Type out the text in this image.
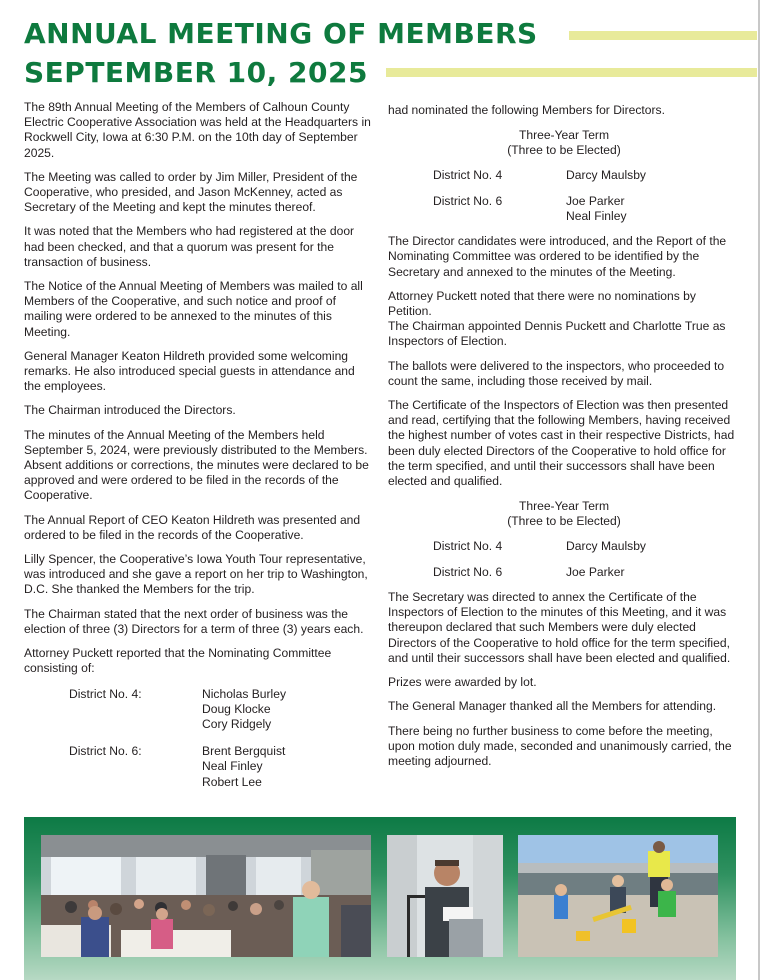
ANNUAL MEETING OF MEMBERS
SEPTEMBER 10, 2025

The 89th Annual Meeting of the Members of Calhoun County Electric Cooperative Association was held at the Headquarters in Rockwell City, Iowa at 6:30 P.M. on the 10th day of September 2025.

The Meeting was called to order by Jim Miller, President of the Cooperative, who presided, and Jason McKenney, acted as Secretary of the Meeting and kept the minutes thereof.

It was noted that the Members who had registered at the door had been checked, and that a quorum was present for the transaction of business.

The Notice of the Annual Meeting of Members was mailed to all Members of the Cooperative, and such notice and proof of mailing were ordered to be annexed to the minutes of this Meeting.

General Manager Keaton Hildreth provided some welcoming remarks. He also introduced special guests in attendance and the employees.

The Chairman introduced the Directors.

The minutes of the Annual Meeting of the Members held September 5, 2024, were previously distributed to the Members. Absent additions or corrections, the minutes were declared to be approved and were ordered to be filed in the records of the Cooperative.

The Annual Report of CEO Keaton Hildreth was presented and ordered to be filed in the records of the Cooperative.

Lilly Spencer, the Cooperative’s Iowa Youth Tour representative, was introduced and she gave a report on her trip to Washington, D.C. She thanked the Members for the trip.

The Chairman stated that the next order of business was the election of three (3) Directors for a term of three (3) years each.

Attorney Puckett reported that the Nominating Committee consisting of:

District No. 4:	Nicholas Burley
Doug Klocke
Cory Ridgely
District No. 6:	Brent Bergquist
Neal Finley
Robert Lee

had nominated the following Members for Directors.

Three-Year Term
(Three to be Elected)
District No. 4	Darcy Maulsby
District No. 6	Joe Parker
Neal Finley

The Director candidates were introduced, and the Report of the Nominating Committee was ordered to be identified by the Secretary and annexed to the minutes of the Meeting.

Attorney Puckett noted that there were no nominations by Petition.

The Chairman appointed Dennis Puckett and Charlotte True as Inspectors of Election.

The ballots were delivered to the inspectors, who proceeded to count the same, including those received by mail.

The Certificate of the Inspectors of Election was then presented and read, certifying that the following Members, having received the highest number of votes cast in their respective Districts, had been duly elected Directors of the Cooperative to hold office for the term specified, and until their successors shall have been elected and qualified.

Three-Year Term
(Three to be Elected)
District No. 4	Darcy Maulsby
District No. 6	Joe Parker

The Secretary was directed to annex the Certificate of the Inspectors of Election to the minutes of this Meeting, and it was thereupon declared that such Members were duly elected Directors of the Cooperative to hold office for the term specified, and until their successors shall have been elected and qualified.

Prizes were awarded by lot.

The General Manager thanked all the Members for attending.

There being no further business to come before the meeting, upon motion duly made, seconded and unanimously carried, the meeting adjourned.
